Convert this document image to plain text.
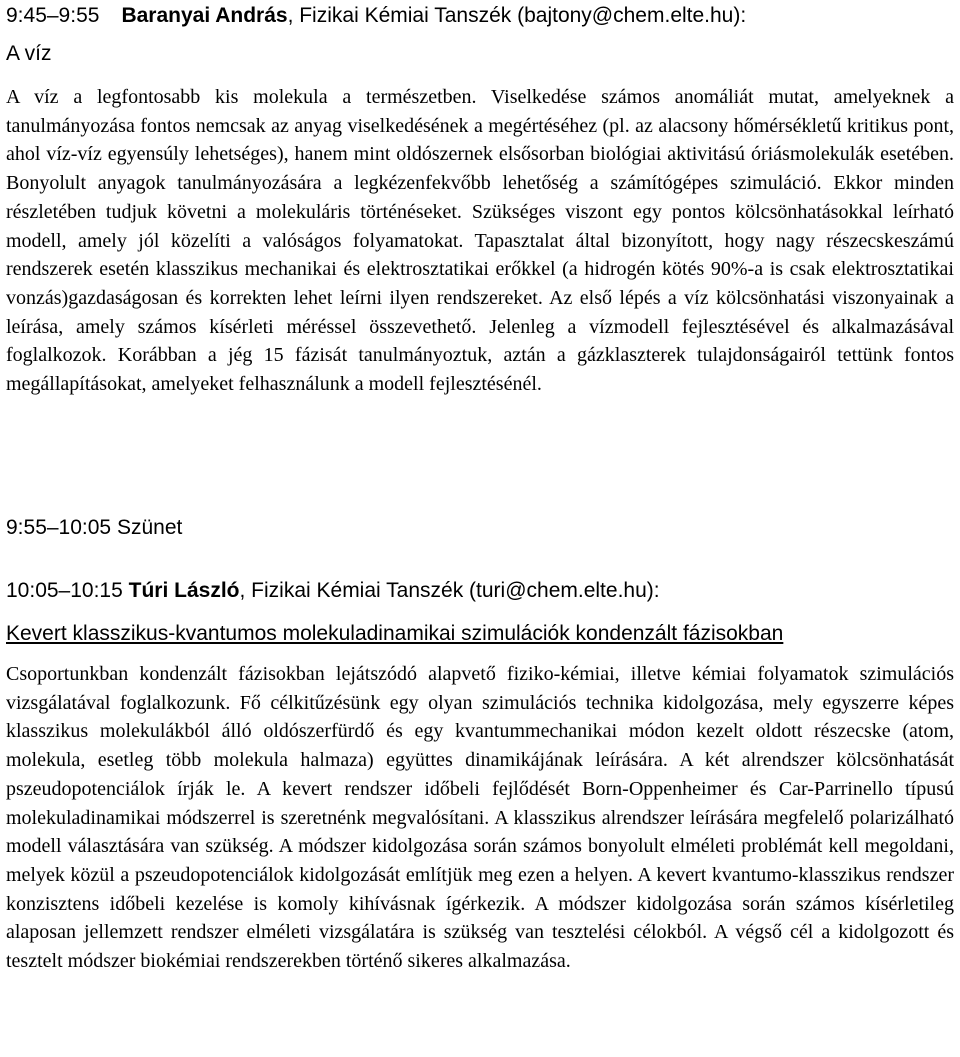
9:45–9:55 Baranyai András, Fizikai Kémiai Tanszék (bajtony@chem.elte.hu):

A víz

A víz a legfontosabb kis molekula a természetben. Viselkedése számos anomáliát mutat, amelyeknek a tanulmányozása fontos nemcsak az anyag viselkedésének a megértéséhez (pl. az alacsony hőmérsékletű kritikus pont, ahol víz-víz egyensúly lehetséges), hanem mint oldószernek elsősorban biológiai aktivitású óriásmolekulák esetében. Bonyolult anyagok tanulmányozására a legkézenfekvőbb lehetőség a számítógépes szimuláció. Ekkor minden részletében tudjuk követni a molekuláris történéseket. Szükséges viszont egy pontos kölcsönhatásokkal leírható modell, amely jól közelíti a valóságos folyamatokat. Tapasztalat által bizonyított, hogy nagy részecskeszámú rendszerek esetén klasszikus mechanikai és elektrosztatikai erőkkel (a hidrogén kötés 90%-a is csak elektrosztatikai vonzás)gazdaságosan és korrekten lehet leírni ilyen rendszereket. Az első lépés a víz kölcsönhatási viszonyainak a leírása, amely számos kísérleti méréssel összevethető. Jelenleg a vízmodell fejlesztésével és alkalmazásával foglalkozok. Korábban a jég 15 fázisát tanulmányoztuk, aztán a gázklaszterek tulajdonságairól tettünk fontos megállapításokat, amelyeket felhasználunk a modell fejlesztésénél.

9:55–10:05 Szünet

10:05–10:15 Túri László, Fizikai Kémiai Tanszék (turi@chem.elte.hu):

Kevert klasszikus-kvantumos molekuladinamikai szimulációk kondenzált fázisokban

Csoportunkban kondenzált fázisokban lejátszódó alapvető fiziko-kémiai, illetve kémiai folyamatok szimulációs vizsgálatával foglalkozunk. Fő célkitűzésünk egy olyan szimulációs technika kidolgozása, mely egyszerre képes klasszikus molekulákból álló oldószerfürdő és egy kvantummechanikai módon kezelt oldott részecske (atom, molekula, esetleg több molekula halmaza) együttes dinamikájának leírására. A két alrendszer kölcsönhatását pszeudopotenciálok írják le. A kevert rendszer időbeli fejlődését Born-Oppenheimer és Car-Parrinello típusú molekuladinamikai módszerrel is szeretnénk megvalósítani. A klasszikus alrendszer leírására megfelelő polarizálható modell választására van szükség. A módszer kidolgozása során számos bonyolult elméleti problémát kell megoldani, melyek közül a pszeudopotenciálok kidolgozását említjük meg ezen a helyen. A kevert kvantumo-klasszikus rendszer konzisztens időbeli kezelése is komoly kihívásnak ígérkezik. A módszer kidolgozása során számos kísérletileg alaposan jellemzett rendszer elméleti vizsgálatára is szükség van tesztelési célokból. A végső cél a kidolgozott és tesztelt módszer biokémiai rendszerekben történő sikeres alkalmazása.
